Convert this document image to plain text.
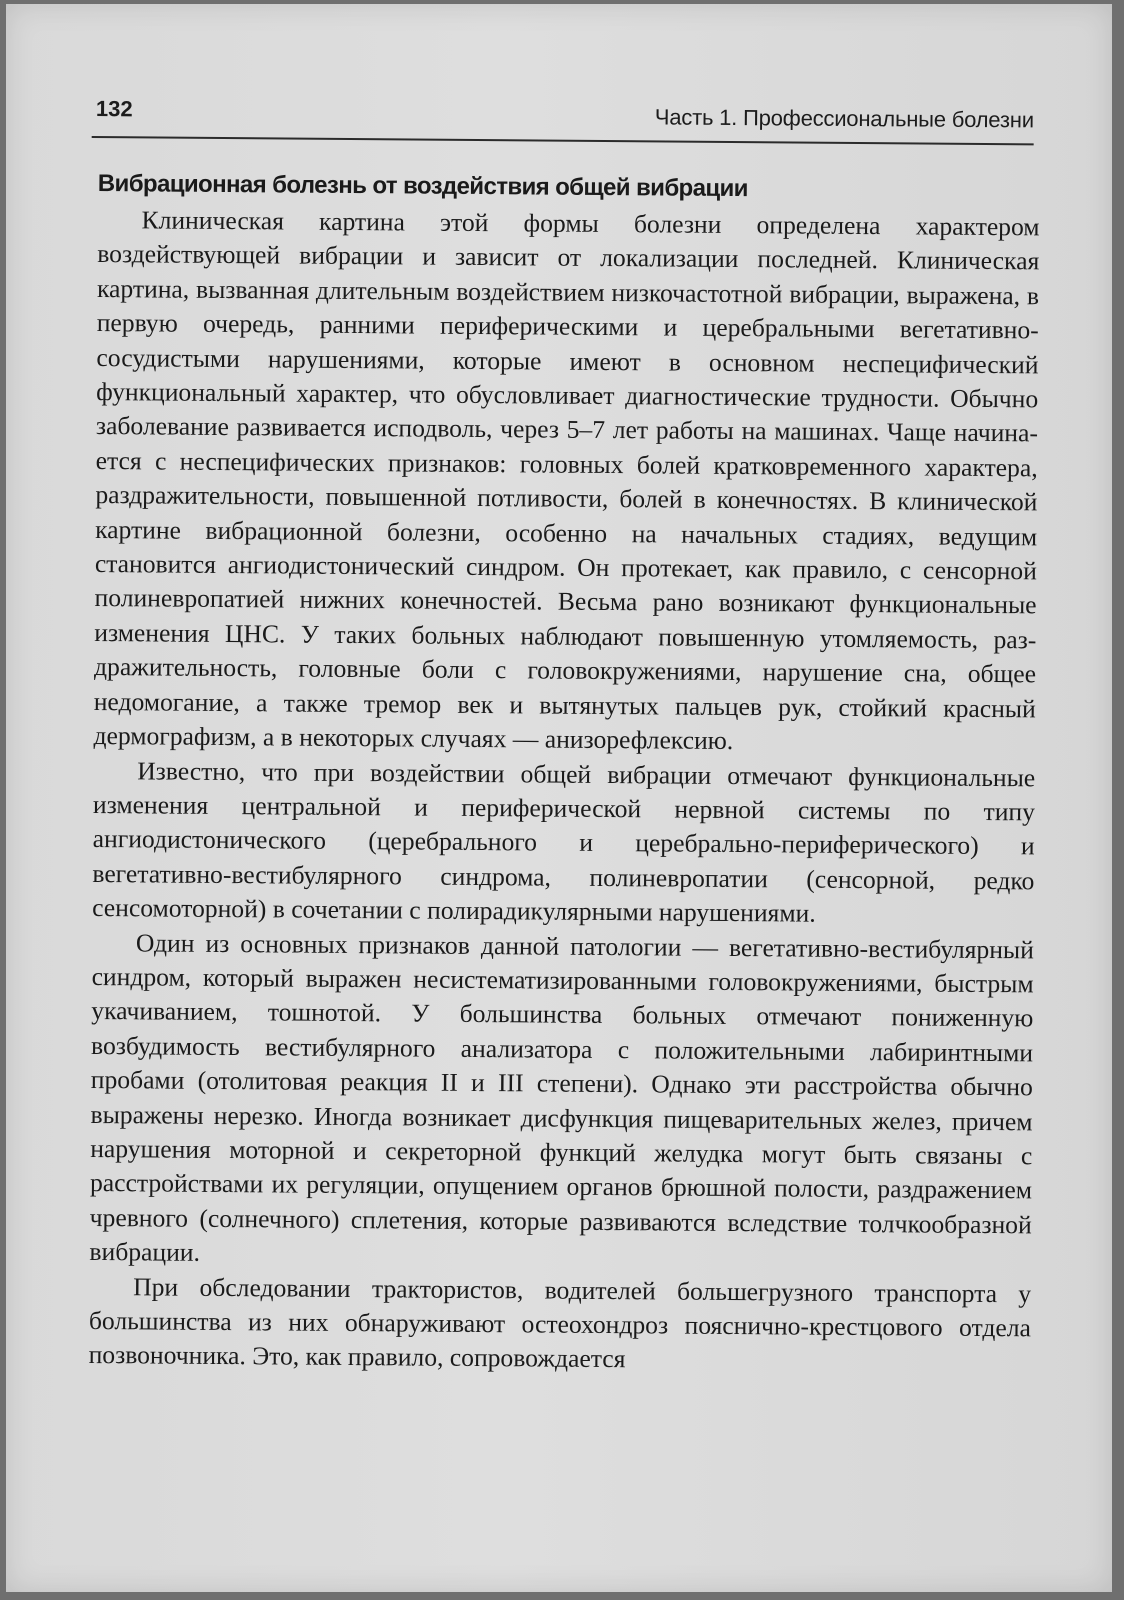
132	Часть 1. Профессиональные болезни
Вибрационная болезнь от воздействия общей вибрации

Клиническая картина этой формы болезни определена характером воздействующей вибрации и зависит от локализации последней. Клиническая картина, вызванная длительным воздействием низкочастотной вибрации, выражена, в первую очередь, ранними периферическими и церебральными вегетативно-сосудистыми нарушениями, которые имеют в основном неспецифический функциональный характер, что обусловливает диагностические трудности. Обычно заболевание развивается исподволь, через 5–7 лет работы на машинах. Чаще начинается с неспецифических признаков: головных болей кратковременного характера, раздражительности, повышенной потливости, болей в конечностях. В клинической картине вибрационной болезни, особенно на начальных стадиях, ведущим становится ангиодистонический синдром. Он протекает, как правило, с сенсорной полиневропатией нижних конечностей. Весьма рано возникают функциональные изменения ЦНС. У таких больных наблюдают повышенную утомляемость, раздражительность, головные боли с головокружениями, нарушение сна, общее недомогание, а также тремор век и вытянутых пальцев рук, стойкий красный дермографизм, а в некоторых случаях — анизорефлексию.

Известно, что при воздействии общей вибрации отмечают функциональные изменения центральной и периферической нервной системы по типу ангиодистонического (церебрального и церебрально-периферического) и вегетативно-вестибулярного синдрома, полиневропатии (сенсорной, редко сенсомоторной) в сочетании с полирадикулярными нарушениями.

Один из основных признаков данной патологии — вегетативно-вестибулярный синдром, который выражен несистематизированными головокружениями, быстрым укачиванием, тошнотой. У большинства больных отмечают пониженную возбудимость вестибулярного анализатора с положительными лабиринтными пробами (отолитовая реакция II и III степени). Однако эти расстройства обычно выражены нерезко. Иногда возникает дисфункция пищеварительных желез, причем нарушения моторной и секреторной функций желудка могут быть связаны с расстройствами их регуляции, опущением органов брюшной полости, раздражением чревного (солнечного) сплетения, которые развиваются вследствие толчкообразной вибрации.

При обследовании трактористов, водителей большегрузного транспорта у большинства из них обнаруживают остеохондроз пояснично-крестцового отдела позвоночника. Это, как правило, сопровождается
